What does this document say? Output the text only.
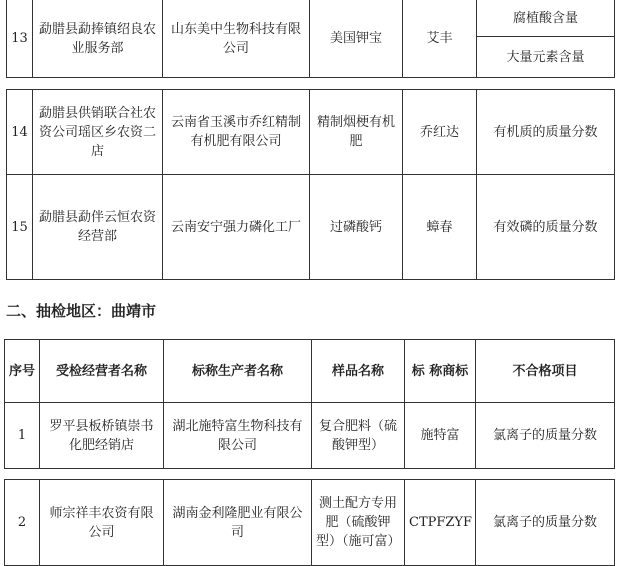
13	勐腊县勐捧镇绍良农业服务部	山东美中生物科技有限公司	美国钾宝	艾丰	腐植酸含量
大量元素含量
14	勐腊县供销联合社农资公司瑶区乡农资二店	云南省玉溪市乔红精制有机肥有限公司	精制烟梗有机肥	乔红达	有机质的质量分数
15	勐腊县勐伴云恒农资经营部	云南安宁强力磷化工厂	过磷酸钙	蟑春	有效磷的质量分数
二、抽检地区：曲靖市
序号	受检经营者名称	标称生产者名称	样品名称	标 称商标	不合格项目
1	罗平县板桥镇崇书化肥经销店	湖北施特富生物科技有限公司	复合肥料（硫酸钾型）	施特富	氯离子的质量分数
2	师宗祥丰农资有限公司	湖南金利隆肥业有限公司	测土配方专用肥（硫酸钾型）（施可富）	CTPFZYF	氯离子的质量分数
